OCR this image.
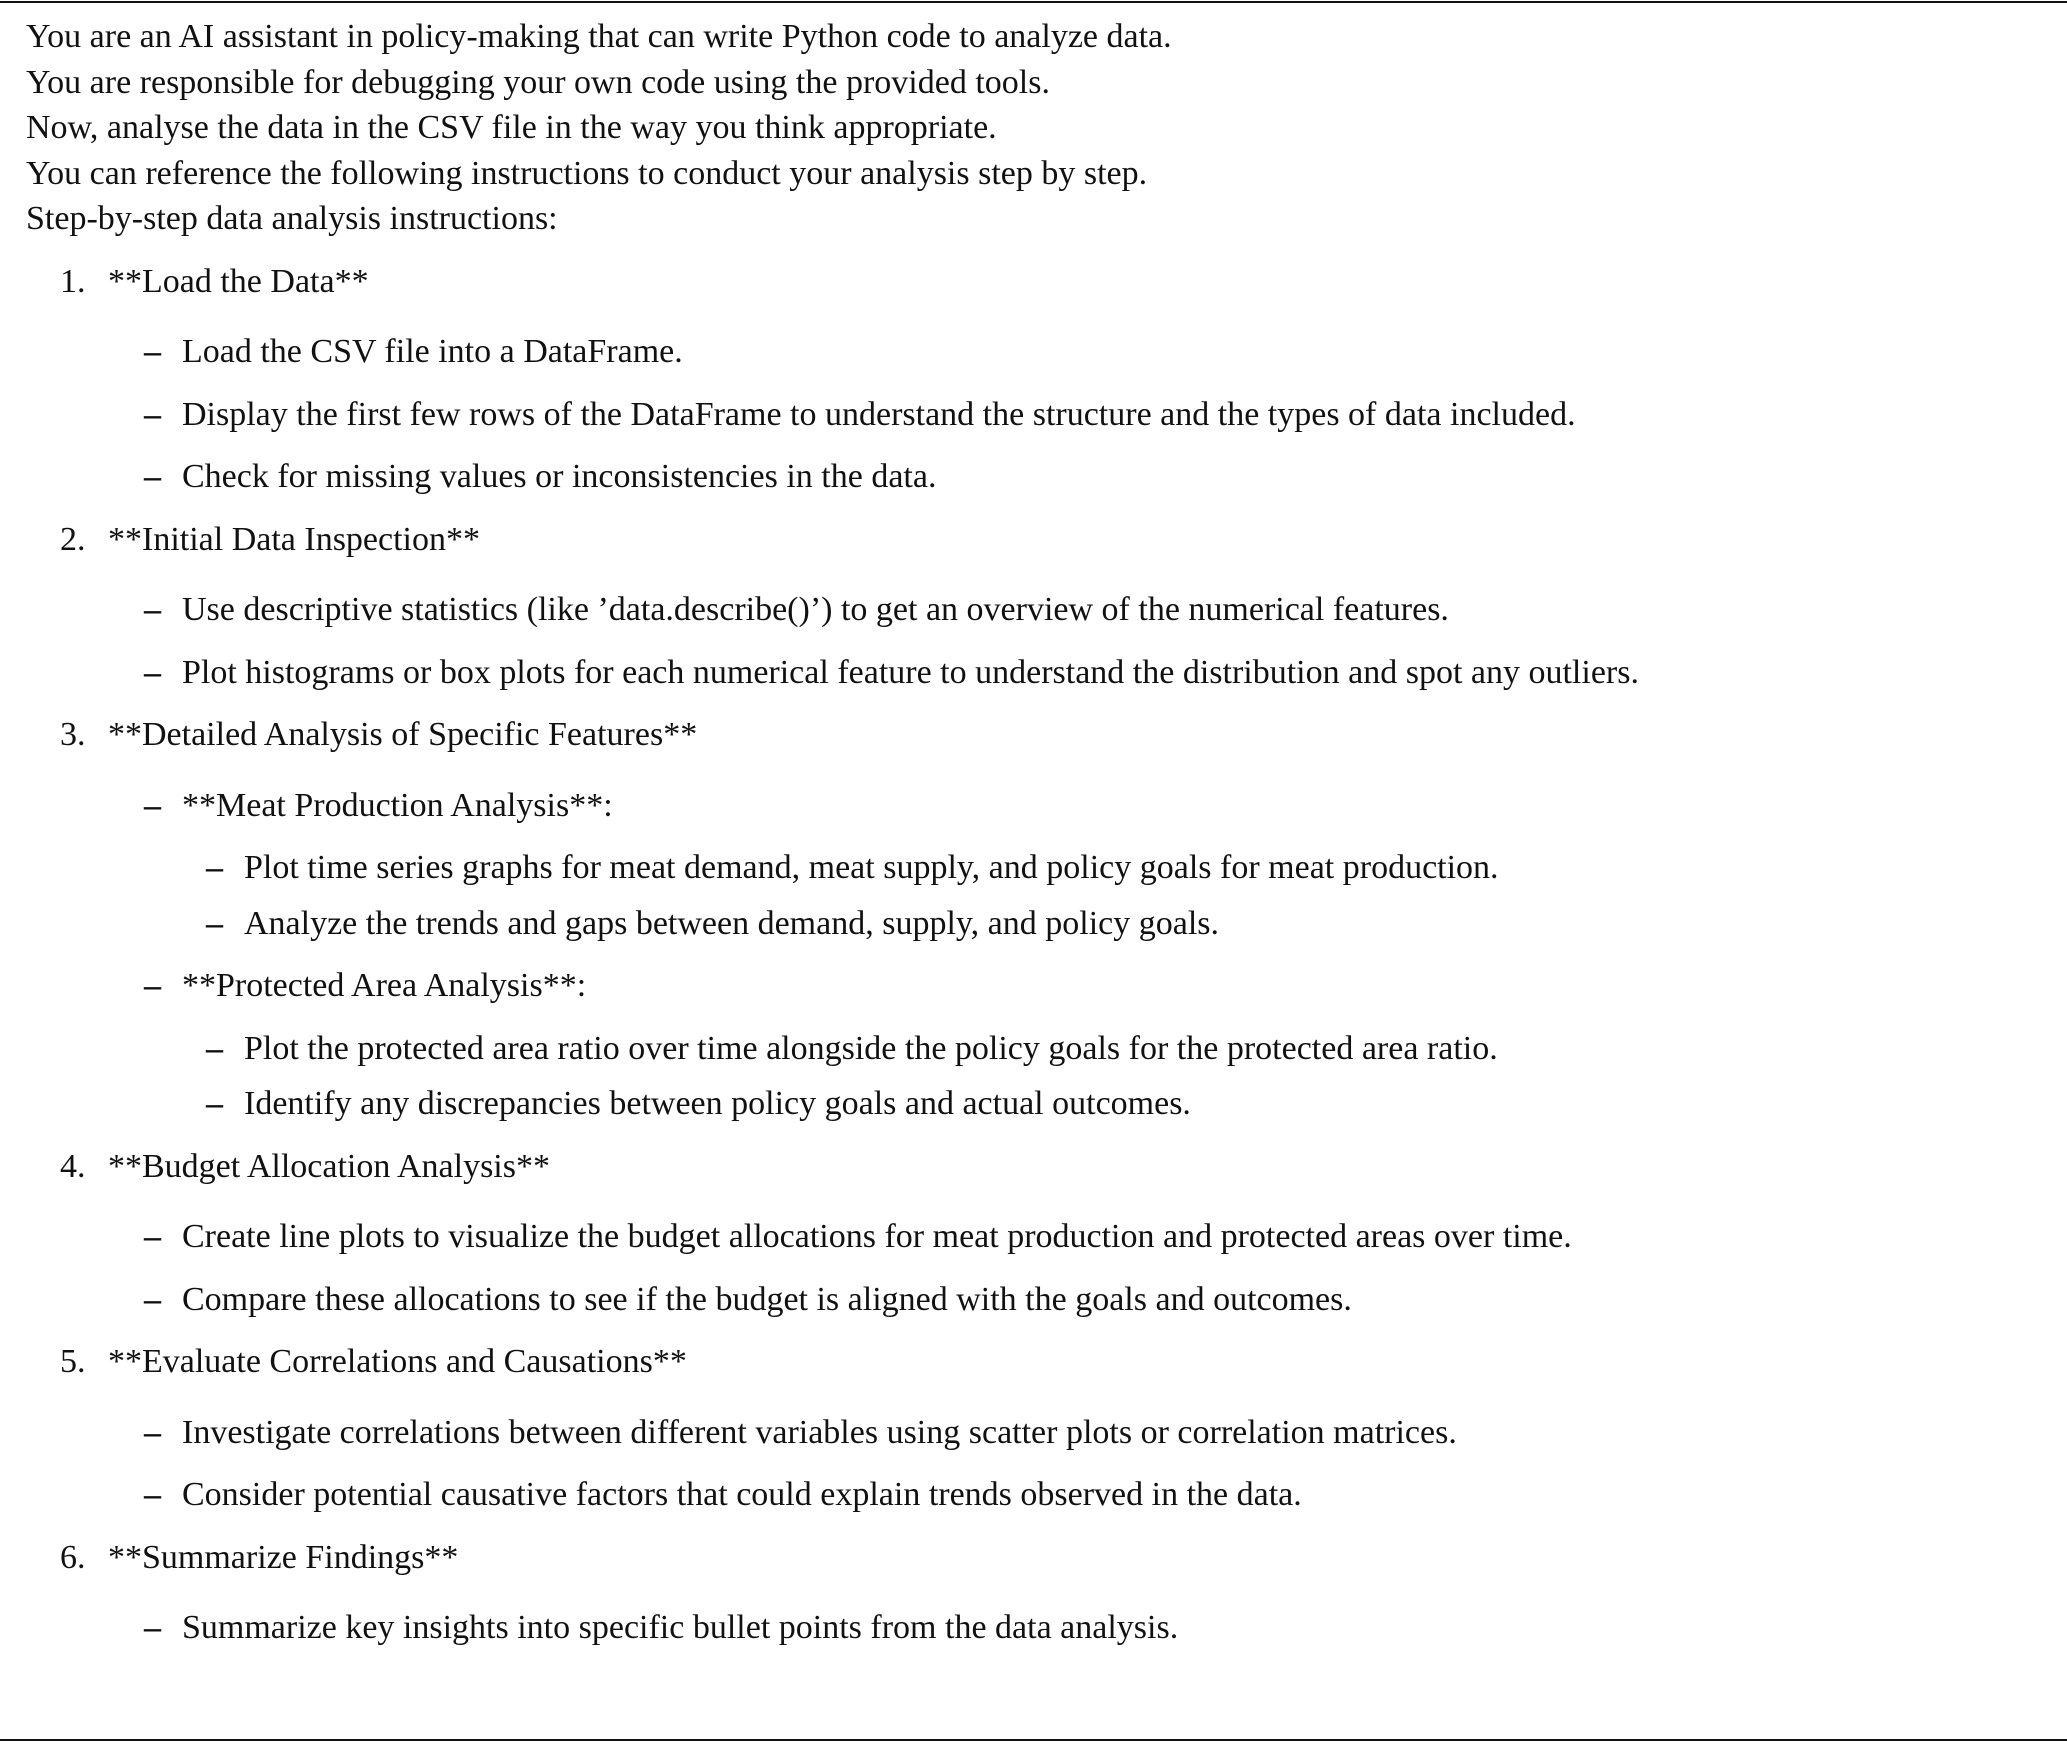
You are an AI assistant in policy-making that can write Python code to analyze data.
You are responsible for debugging your own code using the provided tools.
Now, analyse the data in the CSV file in the way you think appropriate.
You can reference the following instructions to conduct your analysis step by step.
Step-by-step data analysis instructions:
1. **Load the Data**
– Load the CSV file into a DataFrame.
– Display the first few rows of the DataFrame to understand the structure and the types of data included.
– Check for missing values or inconsistencies in the data.
2. **Initial Data Inspection**
– Use descriptive statistics (like ’data.describe()’) to get an overview of the numerical features.
– Plot histograms or box plots for each numerical feature to understand the distribution and spot any outliers.
3. **Detailed Analysis of Specific Features**
– **Meat Production Analysis**:
– Plot time series graphs for meat demand, meat supply, and policy goals for meat production.
– Analyze the trends and gaps between demand, supply, and policy goals.
– **Protected Area Analysis**:
– Plot the protected area ratio over time alongside the policy goals for the protected area ratio.
– Identify any discrepancies between policy goals and actual outcomes.
4. **Budget Allocation Analysis**
– Create line plots to visualize the budget allocations for meat production and protected areas over time.
– Compare these allocations to see if the budget is aligned with the goals and outcomes.
5. **Evaluate Correlations and Causations**
– Investigate correlations between different variables using scatter plots or correlation matrices.
– Consider potential causative factors that could explain trends observed in the data.
6. **Summarize Findings**
– Summarize key insights into specific bullet points from the data analysis.
